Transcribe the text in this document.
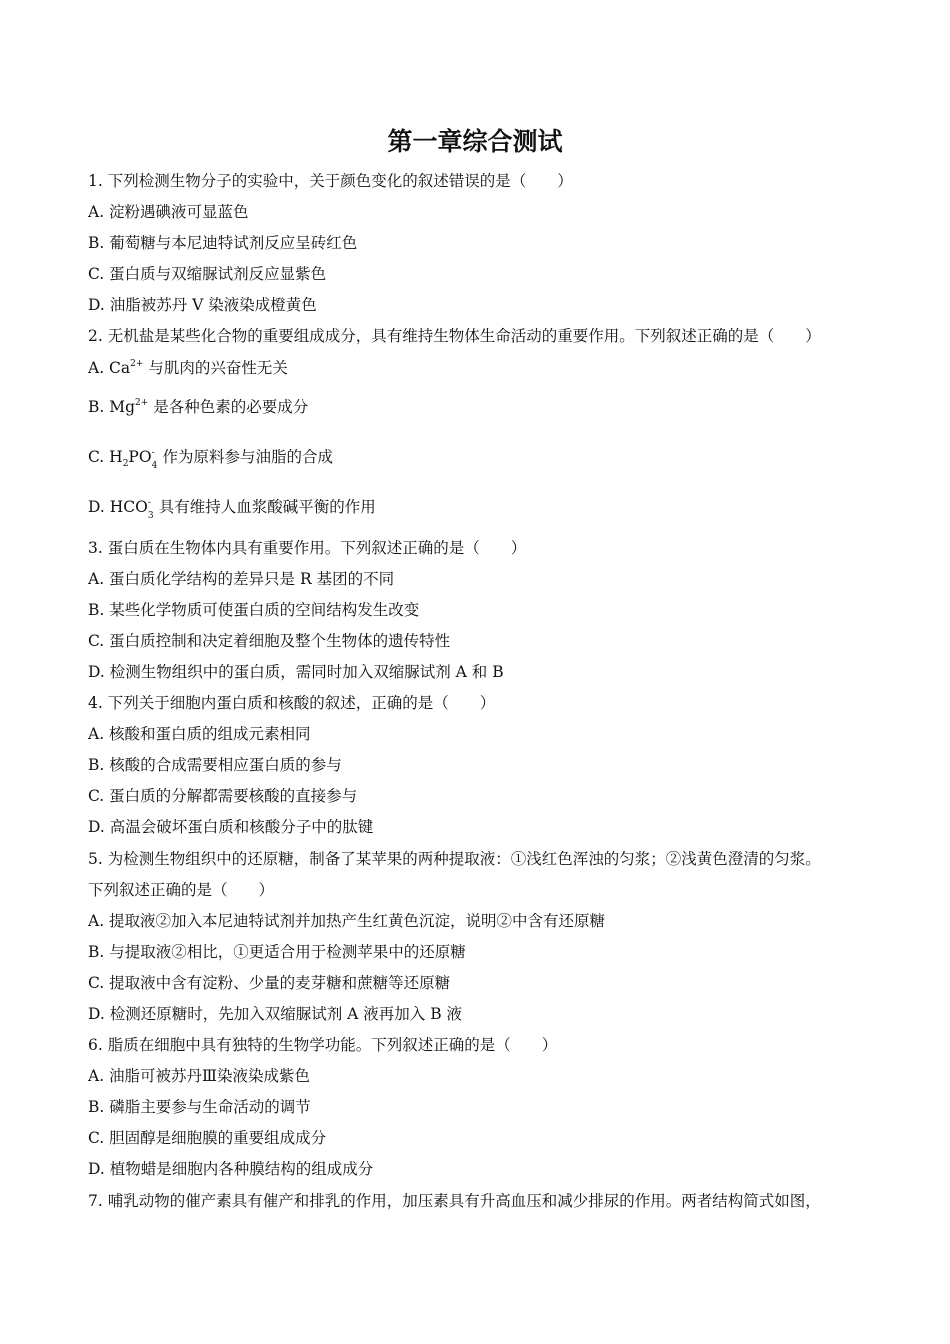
第一章综合测试
1. 下列检测生物分子的实验中，关于颜色变化的叙述错误的是（　　）
A. 淀粉遇碘液可显蓝色
B. 葡萄糖与本尼迪特试剂反应呈砖红色
C. 蛋白质与双缩脲试剂反应显紫色
D. 油脂被苏丹 V 染液染成橙黄色
2. 无机盐是某些化合物的重要组成成分，具有维持生物体生命活动的重要作用。下列叙述正确的是（　　）
A. $Ca^{2+}$ 与肌肉的兴奋性无关
B. $Mg^{2+}$ 是各种色素的必要成分
C. $H_2PO$ -
4 作为原料参与油脂的合成
D. HCO -
3 具有维持人血浆酸碱平衡的作用
3. 蛋白质在生物体内具有重要作用。下列叙述正确的是（　　）
A. 蛋白质化学结构的差异只是 R 基团的不同
B. 某些化学物质可使蛋白质的空间结构发生改变
C. 蛋白质控制和决定着细胞及整个生物体的遗传特性
D. 检测生物组织中的蛋白质，需同时加入双缩脲试剂 A 和 B
4. 下列关于细胞内蛋白质和核酸的叙述，正确的是（　　）
A. 核酸和蛋白质的组成元素相同
B. 核酸的合成需要相应蛋白质的参与
C. 蛋白质的分解都需要核酸的直接参与
D. 高温会破坏蛋白质和核酸分子中的肽键
5. 为检测生物组织中的还原糖，制备了某苹果的两种提取液：①浅红色浑浊的匀浆；②浅黄色澄清的匀浆。
下列叙述正确的是（　　）
A. 提取液②加入本尼迪特试剂并加热产生红黄色沉淀，说明②中含有还原糖
B. 与提取液②相比，①更适合用于检测苹果中的还原糖
C. 提取液中含有淀粉、少量的麦芽糖和蔗糖等还原糖
D. 检测还原糖时，先加入双缩脲试剂 A 液再加入 B 液
6. 脂质在细胞中具有独特的生物学功能。下列叙述正确的是（　　）
A. 油脂可被苏丹Ⅲ染液染成紫色
B. 磷脂主要参与生命活动的调节
C. 胆固醇是细胞膜的重要组成成分
D. 植物蜡是细胞内各种膜结构的组成成分
7. 哺乳动物的催产素具有催产和排乳的作用，加压素具有升高血压和减少排尿的作用。两者结构简式如图，
